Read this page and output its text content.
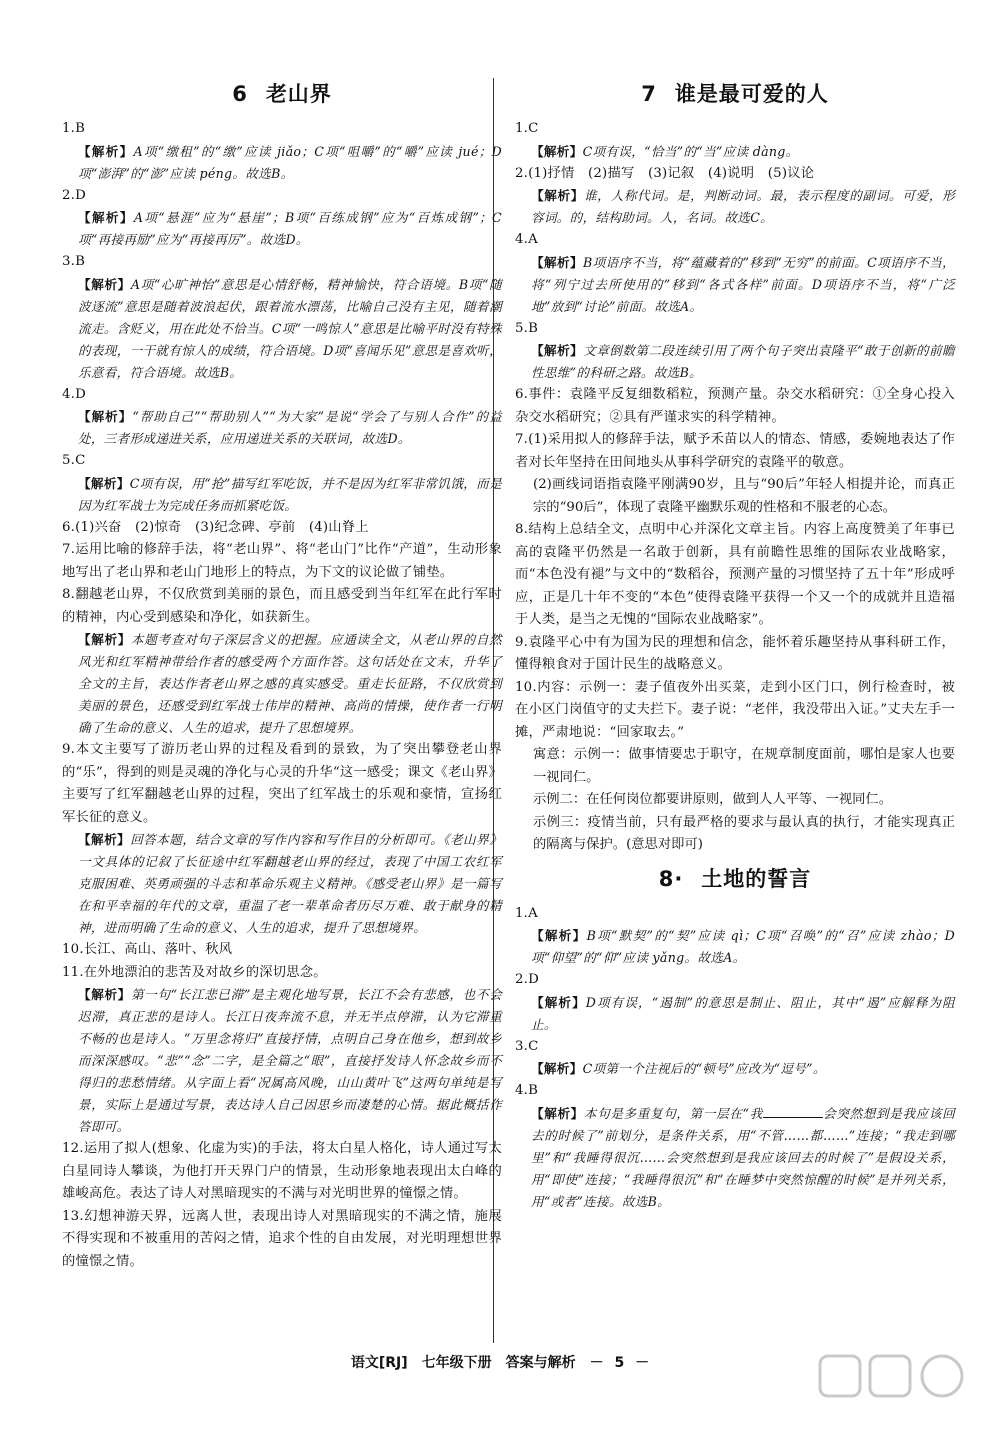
6 老山界

1.B

【解析】A项“缴租”的“缴”应读 jiǎo；C项“咀嚼”的“嚼”应读 jué；D项“澎湃”的“澎”应读 péng。故选B。

2.D

【解析】A项“悬涯”应为“悬崖”；B项“百练成钢”应为“百炼成钢”；C项“再接再励”应为“再接再厉”。故选D。

3.B

【解析】A项“心旷神怡”意思是心情舒畅，精神愉快，符合语境。B项“随波逐流”意思是随着波浪起伏，跟着流水漂荡，比喻自己没有主见，随着潮流走。含贬义，用在此处不恰当。C项“一鸣惊人”意思是比喻平时没有特殊的表现，一干就有惊人的成绩，符合语境。D项“喜闻乐见”意思是喜欢听，乐意看，符合语境。故选B。

4.D

【解析】“帮助自己”“帮助别人”“为大家”是说“学会了与别人合作”的益处，三者形成递进关系，应用递进关系的关联词，故选D。

5.C

【解析】C项有误，用“抢”描写红军吃饭，并不是因为红军非常饥饿，而是因为红军战士为完成任务而抓紧吃饭。

6.(1)兴奋　(2)惊奇　(3)纪念碑、亭前　(4)山脊上

7.运用比喻的修辞手法，将“老山界”、将“老山门”比作“产道”，生动形象地写出了老山界和老山门地形上的特点，为下文的议论做了铺垫。

8.翻越老山界，不仅欣赏到美丽的景色，而且感受到当年红军在此行军时的精神，内心受到感染和净化，如获新生。

【解析】本题考查对句子深层含义的把握。应通读全文，从老山界的自然风光和红军精神带给作者的感受两个方面作答。这句话处在文末，升华了全文的主旨，表达作者老山界之感的真实感受。重走长征路，不仅欣赏到美丽的景色，还感受到红军战士伟岸的精神、高尚的情操，使作者一行明确了生命的意义、人生的追求，提升了思想境界。

9.本文主要写了游历老山界的过程及看到的景致，为了突出攀登老山界的“乐”，得到的则是灵魂的净化与心灵的升华“这一感受；课文《老山界》主要写了红军翻越老山界的过程，突出了红军战士的乐观和豪情，宣扬红军长征的意义。

【解析】回答本题，结合文章的写作内容和写作目的分析即可。《老山界》一文具体的记叙了长征途中红军翻越老山界的经过，表现了中国工农红军克服困难、英勇顽强的斗志和革命乐观主义精神。《感受老山界》是一篇写在和平幸福的年代的文章，重温了老一辈革命者历尽万难、敢于献身的精神，进而明确了生命的意义、人生的追求，提升了思想境界。

10.长江、高山、落叶、秋风

11.在外地漂泊的悲苦及对故乡的深切思念。

【解析】第一句“长江悲已滞”是主观化地写景，长江不会有悲感，也不会迟滞，真正悲的是诗人。长江日夜奔流不息，并无半点停滞，认为它滞重不畅的也是诗人。“万里念将归”直接抒情，点明自己身在他乡，想到故乡而深深感叹。“悲”“念”二字，是全篇之“眼”，直接抒发诗人怀念故乡而不得归的悲愁情绪。从字面上看“况属高风晚，山山黄叶飞”这两句单纯是写景，实际上是通过写景，表达诗人自己因思乡而凄楚的心情。据此概括作答即可。

12.运用了拟人(想象、化虚为实)的手法，将太白星人格化，诗人通过写太白星同诗人攀谈，为他打开天界门户的情景，生动形象地表现出太白峰的雄峻高危。表达了诗人对黑暗现实的不满与对光明世界的憧憬之情。

13.幻想神游天界，远离人世，表现出诗人对黑暗现实的不满之情，施展不得实现和不被重用的苦闷之情，追求个性的自由发展，对光明理想世界的憧憬之情。

7 谁是最可爱的人

1.C

【解析】C项有误，“恰当”的“当”应读 dàng。

2.(1)抒情　(2)描写　(3)记叙　(4)说明　(5)议论

【解析】谁，人称代词。是，判断动词。最，表示程度的副词。可爱，形容词。的，结构助词。人，名词。故选C。

4.A

【解析】B项语序不当，将“蕴藏着的”移到“无穷”的前面。C项语序不当，将“列宁过去所使用的”移到“各式各样”前面。D项语序不当，将“广泛地”放到“讨论”前面。故选A。

5.B

【解析】文章倒数第二段连续引用了两个句子突出袁隆平“敢于创新的前瞻性思维”的科研之路。故选B。

6.事件：袁隆平反复细数稻粒，预测产量。杂交水稻研究：①全身心投入杂交水稻研究；②具有严谨求实的科学精神。

7.(1)采用拟人的修辞手法，赋予禾苗以人的情态、情感，委婉地表达了作者对长年坚持在田间地头从事科学研究的袁隆平的敬意。

(2)画线词语指袁隆平刚满90岁，且与“90后”年轻人相提并论，而真正宗的“90后”，体现了袁隆平幽默乐观的性格和不服老的心态。

8.结构上总结全文，点明中心并深化文章主旨。内容上高度赞美了年事已高的袁隆平仍然是一名敢于创新，具有前瞻性思维的国际农业战略家，而“本色没有褪”与文中的“数稻谷，预测产量的习惯坚持了五十年”形成呼应，正是几十年不变的“本色”使得袁隆平获得一个又一个的成就并且造福于人类，是当之无愧的“国际农业战略家”。

9.袁隆平心中有为国为民的理想和信念，能怀着乐趣坚持从事科研工作，懂得粮食对于国计民生的战略意义。

10.内容：示例一：妻子值夜外出买菜，走到小区门口，例行检查时，被在小区门岗值守的丈夫拦下。妻子说：“老伴，我没带出入证。”丈夫左手一摊，严肃地说：“回家取去。”

寓意：示例一：做事情要忠于职守，在规章制度面前，哪怕是家人也要一视同仁。

示例二：在任何岗位都要讲原则，做到人人平等、一视同仁。

示例三：疫情当前，只有最严格的要求与最认真的执行，才能实现真正的隔离与保护。(意思对即可)

8· 土地的誓言

1.A

【解析】B项“默契”的“契”应读 qì；C项“召唤”的“召”应读 zhào；D项“仰望”的“仰”应读 yǎng。故选A。

2.D

【解析】D项有误，“遏制”的意思是制止、阻止，其中“遏”应解释为阻止。

3.C

【解析】C项第一个注视后的“顿号”应改为“逗号”。

4.B

【解析】本句是多重复句，第一层在“我	会突然想到是我应该回去的时候了”前划分，是条件关系，用“不管……都……”连接；“我走到哪里”和“我睡得很沉……会突然想到是我应该回去的时候了”是假设关系，用“即使”连接；“我睡得很沉”和“在睡梦中突然惊醒的时候”是并列关系，用“或者”连接。故选B。

语文[RJ]　七年级下册　答案与解析　－ 5 －
